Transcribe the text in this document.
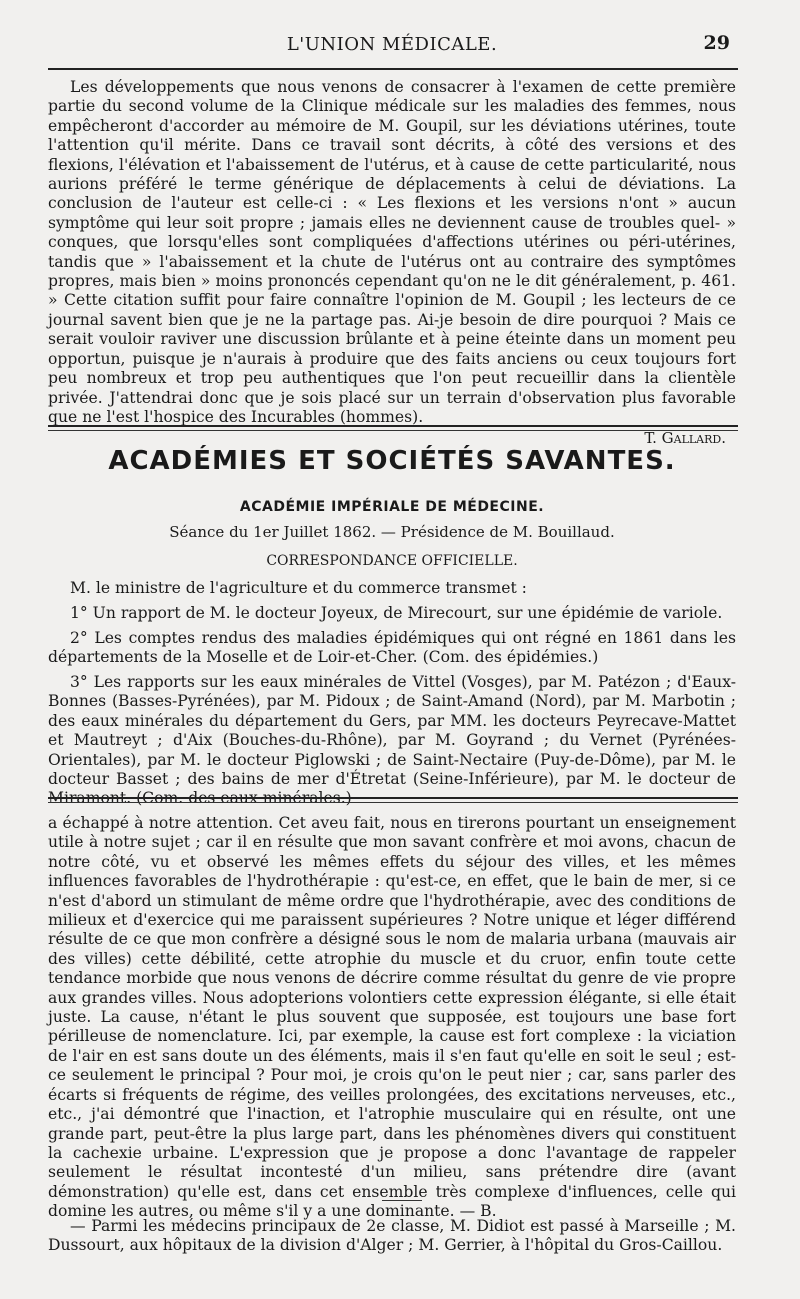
L'UNION MÉDICALE.	29

Les développements que nous venons de consacrer à l'examen de cette première partie du second volume de la Clinique médicale sur les maladies des femmes, nous empêcheront d'accorder au mémoire de M. Goupil, sur les déviations utérines, toute l'attention qu'il mérite. Dans ce travail sont décrits, à côté des versions et des flexions, l'élévation et l'abaissement de l'utérus, et à cause de cette particularité, nous aurions préféré le terme générique de déplacements à celui de déviations. La conclusion de l'auteur est celle-ci : « Les flexions et les versions n'ont » aucun symptôme qui leur soit propre ; jamais elles ne deviennent cause de troubles quel- » conques, que lorsqu'elles sont compliquées d'affections utérines ou péri-utérines, tandis que » l'abaissement et la chute de l'utérus ont au contraire des symptômes propres, mais bien » moins prononcés cependant qu'on ne le dit généralement, p. 461. » Cette citation suffit pour faire connaître l'opinion de M. Goupil ; les lecteurs de ce journal savent bien que je ne la partage pas. Ai-je besoin de dire pourquoi ? Mais ce serait vouloir raviver une discussion brûlante et à peine éteinte dans un moment peu opportun, puisque je n'aurais à produire que des faits anciens ou ceux toujours fort peu nombreux et trop peu authentiques que l'on peut recueillir dans la clientèle privée. J'attendrai donc que je sois placé sur un terrain d'observation plus favorable que ne l'est l'hospice des Incurables (hommes).

T. Gallard.
ACADÉMIES ET SOCIÉTÉS SAVANTES.
ACADÉMIE IMPÉRIALE DE MÉDECINE.
Séance du 1er Juillet 1862. — Présidence de M. Bouillaud.
CORRESPONDANCE OFFICIELLE.

M. le ministre de l'agriculture et du commerce transmet :

1° Un rapport de M. le docteur Joyeux, de Mirecourt, sur une épidémie de variole.

2° Les comptes rendus des maladies épidémiques qui ont régné en 1861 dans les départements de la Moselle et de Loir-et-Cher. (Com. des épidémies.)

3° Les rapports sur les eaux minérales de Vittel (Vosges), par M. Patézon ; d'Eaux-Bonnes (Basses-Pyrénées), par M. Pidoux ; de Saint-Amand (Nord), par M. Marbotin ; des eaux minérales du département du Gers, par MM. les docteurs Peyrecave-Mattet et Mautreyt ; d'Aix (Bouches-du-Rhône), par M. Goyrand ; du Vernet (Pyrénées-Orientales), par M. le docteur Piglowski ; de Saint-Nectaire (Puy-de-Dôme), par M. le docteur Basset ; des bains de mer d'Étretat (Seine-Inférieure), par M. le docteur de Miramont. (Com. des eaux minérales.)

a échappé à notre attention. Cet aveu fait, nous en tirerons pourtant un enseignement utile à notre sujet ; car il en résulte que mon savant confrère et moi avons, chacun de notre côté, vu et observé les mêmes effets du séjour des villes, et les mêmes influences favorables de l'hydrothérapie : qu'est-ce, en effet, que le bain de mer, si ce n'est d'abord un stimulant de même ordre que l'hydrothérapie, avec des conditions de milieux et d'exercice qui me paraissent supérieures ? Notre unique et léger différend résulte de ce que mon confrère a désigné sous le nom de malaria urbana (mauvais air des villes) cette débilité, cette atrophie du muscle et du cruor, enfin toute cette tendance morbide que nous venons de décrire comme résultat du genre de vie propre aux grandes villes. Nous adopterions volontiers cette expression élégante, si elle était juste. La cause, n'étant le plus souvent que supposée, est toujours une base fort périlleuse de nomenclature. Ici, par exemple, la cause est fort complexe : la viciation de l'air en est sans doute un des éléments, mais il s'en faut qu'elle en soit le seul ; est-ce seulement le principal ? Pour moi, je crois qu'on le peut nier ; car, sans parler des écarts si fréquents de régime, des veilles prolongées, des excitations nerveuses, etc., etc., j'ai démontré que l'inaction, et l'atrophie musculaire qui en résulte, ont une grande part, peut-être la plus large part, dans les phénomènes divers qui constituent la cachexie urbaine. L'expression que je propose a donc l'avantage de rappeler seulement le résultat incontesté d'un milieu, sans prétendre dire (avant démonstration) qu'elle est, dans cet ensemble très complexe d'influences, celle qui domine les autres, ou même s'il y a une dominante. — B.

— Parmi les médecins principaux de 2e classe, M. Didiot est passé à Marseille ; M. Dussourt, aux hôpitaux de la division d'Alger ; M. Gerrier, à l'hôpital du Gros-Caillou.
